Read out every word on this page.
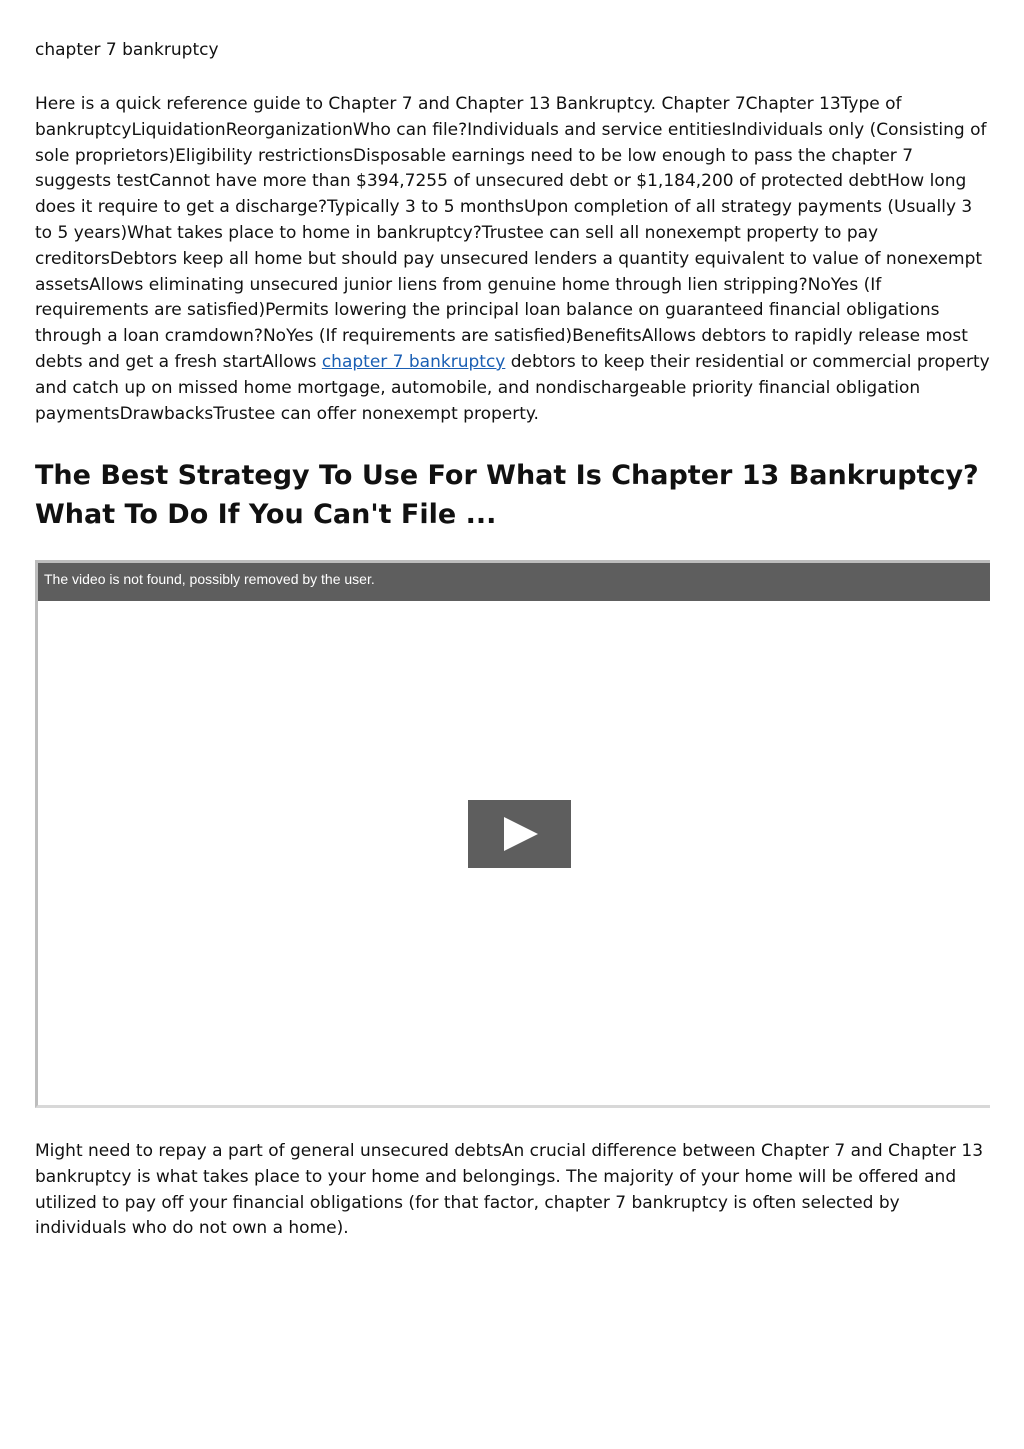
chapter 7 bankruptcy

Here is a quick reference guide to Chapter 7 and Chapter 13 Bankruptcy. Chapter 7Chapter 13Type of bankruptcyLiquidationReorganizationWho can file?Individuals and service entitiesIndividuals only (Consisting of sole proprietors)Eligibility restrictionsDisposable earnings need to be low enough to pass the chapter 7 suggests testCannot have more than $394,7255 of unsecured debt or $1,184,200 of protected debtHow long does it require to get a discharge?Typically 3 to 5 monthsUpon completion of all strategy payments (Usually 3 to 5 years)What takes place to home in bankruptcy?Trustee can sell all nonexempt property to pay creditorsDebtors keep all home but should pay unsecured lenders a quantity equivalent to value of nonexempt assetsAllows eliminating unsecured junior liens from genuine home through lien stripping?NoYes (If requirements are satisfied)Permits lowering the principal loan balance on guaranteed financial obligations through a loan cramdown?NoYes (If requirements are satisfied)BenefitsAllows debtors to rapidly release most debts and get a fresh startAllows chapter 7 bankruptcy debtors to keep their residential or commercial property and catch up on missed home mortgage, automobile, and nondischargeable priority financial obligation paymentsDrawbacksTrustee can offer nonexempt property.

The Best Strategy To Use For What Is Chapter 13 Bankruptcy? What To Do If You Can't File ...
The video is not found, possibly removed by the user.

Might need to repay a part of general unsecured debtsAn crucial difference between Chapter 7 and Chapter 13 bankruptcy is what takes place to your home and belongings. The majority of your home will be offered and utilized to pay off your financial obligations (for that factor, chapter 7 bankruptcy is often selected by individuals who do not own a home).
